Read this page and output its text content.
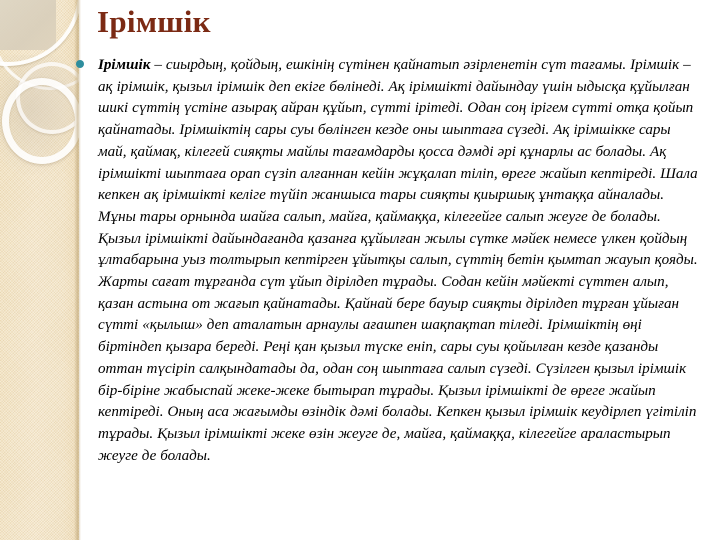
Ірімшік
Ірімшік – сиырдың, қойдың, ешкінің сүтінен қайнатып әзірленетін сүт тағамы. Ірімшік – ақ ірімшік, қызыл ірімшік деп екіге бөлінеді. Ақ ірімшікті дайындау үшін ыдысқа құйылған шикі сүттің үстіне азырақ айран құйып, сүтті ірітеді. Одан соң ірігем сүтті отқа қойып қайнатады. Ірімшіктің сары суы бөлінген кезде оны шыптаға сүзеді. Ақ ірімшікке сары май, қаймақ, кілегей сияқты майлы тағамдарды қосса дәмді әрі құнарлы ас болады. Ақ ірімшікті шыптаға орап сүзіп алғаннан кейін жұқалап тіліп, өреге жайып кептіреді. Шала кепкен ақ ірімшікті келіге түйіп жаншыса тары сияқты қиыршық ұнтаққа айналады. Мұны тары орнында шайға салып, майға, қаймаққа, кілегейге салып жеуге де болады. Қызыл ірімшікті дайындағанда қазанға құйылған жылы сүтке мәйек немесе үлкен қойдың ұлтабарына уыз толтырып кептірген ұйытқы салып, сүттің бетін қымтап жауып қояды. Жарты сағат тұрғанда сүт ұйып дірілдеп тұрады. Содан кейін мәйекті сүттен алып, қазан астына от жағып қайнатады. Қайнай бере бауыр сияқты дірілдеп тұрған ұйыған сүтті «қылыш» деп аталатын арнаулы ағашпен шақпақтап тіледі. Ірімшіктің өңі біртіндеп қызара береді. Реңі қан қызыл түске еніп, сары суы қойылған кезде қазанды оттан түсіріп салқындатады да, одан соң шыптаға салып сүзеді. Сүзілген қызыл ірімшік бір-біріне жабыспай жеке-жеке бытырап тұрады. Қызыл ірімшікті де өреге жайып кептіреді. Оның аса жағымды өзіндік дәмі болады. Кепкен қызыл ірімшік кеудірлеп үгітіліп тұрады. Қызыл ірімшікті жеке өзін жеуге де, майға, қаймаққа, кілегейге араластырып жеуге де болады.
